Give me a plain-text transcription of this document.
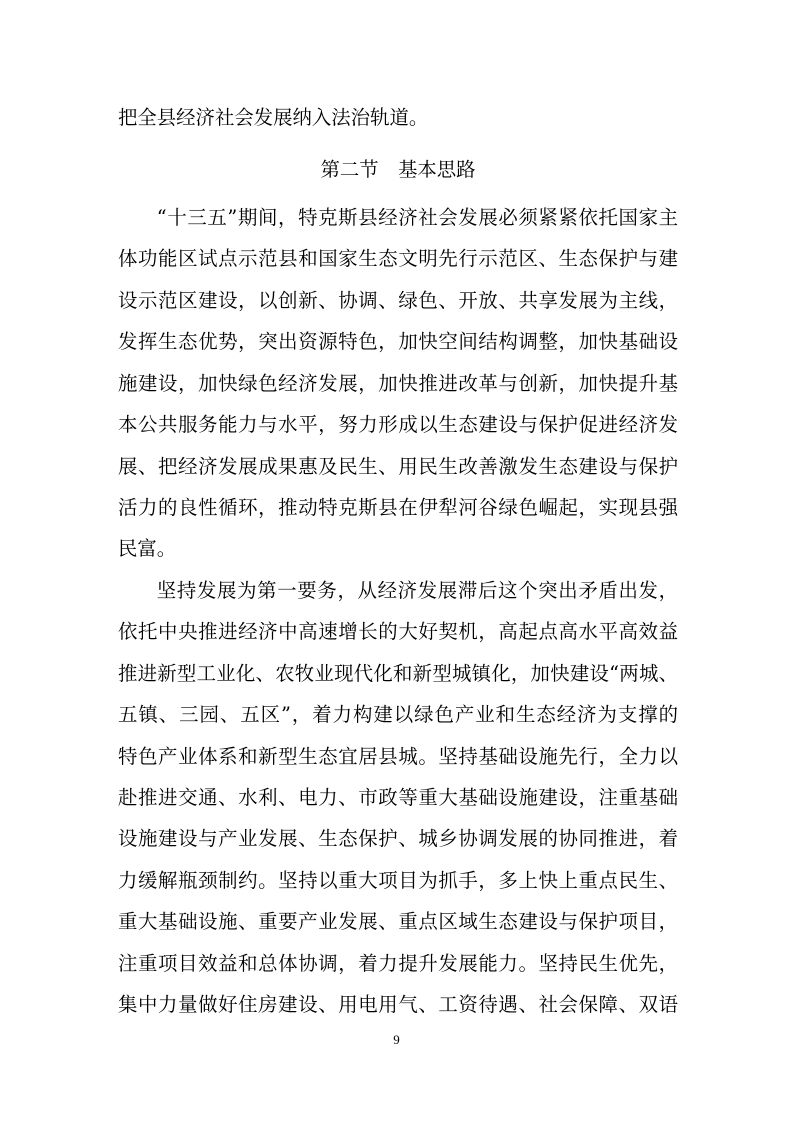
把全县经济社会发展纳入法治轨道。
第二节　基本思路
“十三五”期间，特克斯县经济社会发展必须紧紧依托国家主
体功能区试点示范县和国家生态文明先行示范区、生态保护与建
设示范区建设，以创新、协调、绿色、开放、共享发展为主线，
发挥生态优势，突出资源特色，加快空间结构调整，加快基础设
施建设，加快绿色经济发展，加快推进改革与创新，加快提升基
本公共服务能力与水平，努力形成以生态建设与保护促进经济发
展、把经济发展成果惠及民生、用民生改善激发生态建设与保护
活力的良性循环，推动特克斯县在伊犁河谷绿色崛起，实现县强
民富。
坚持发展为第一要务，从经济发展滞后这个突出矛盾出发，
依托中央推进经济中高速增长的大好契机，高起点高水平高效益
推进新型工业化、农牧业现代化和新型城镇化，加快建设“两城、
五镇、三园、五区”，着力构建以绿色产业和生态经济为支撑的
特色产业体系和新型生态宜居县城。坚持基础设施先行，全力以
赴推进交通、水利、电力、市政等重大基础设施建设，注重基础
设施建设与产业发展、生态保护、城乡协调发展的协同推进，着
力缓解瓶颈制约。坚持以重大项目为抓手，多上快上重点民生、
重大基础设施、重要产业发展、重点区域生态建设与保护项目，
注重项目效益和总体协调，着力提升发展能力。坚持民生优先，
集中力量做好住房建设、用电用气、工资待遇、社会保障、双语
9
